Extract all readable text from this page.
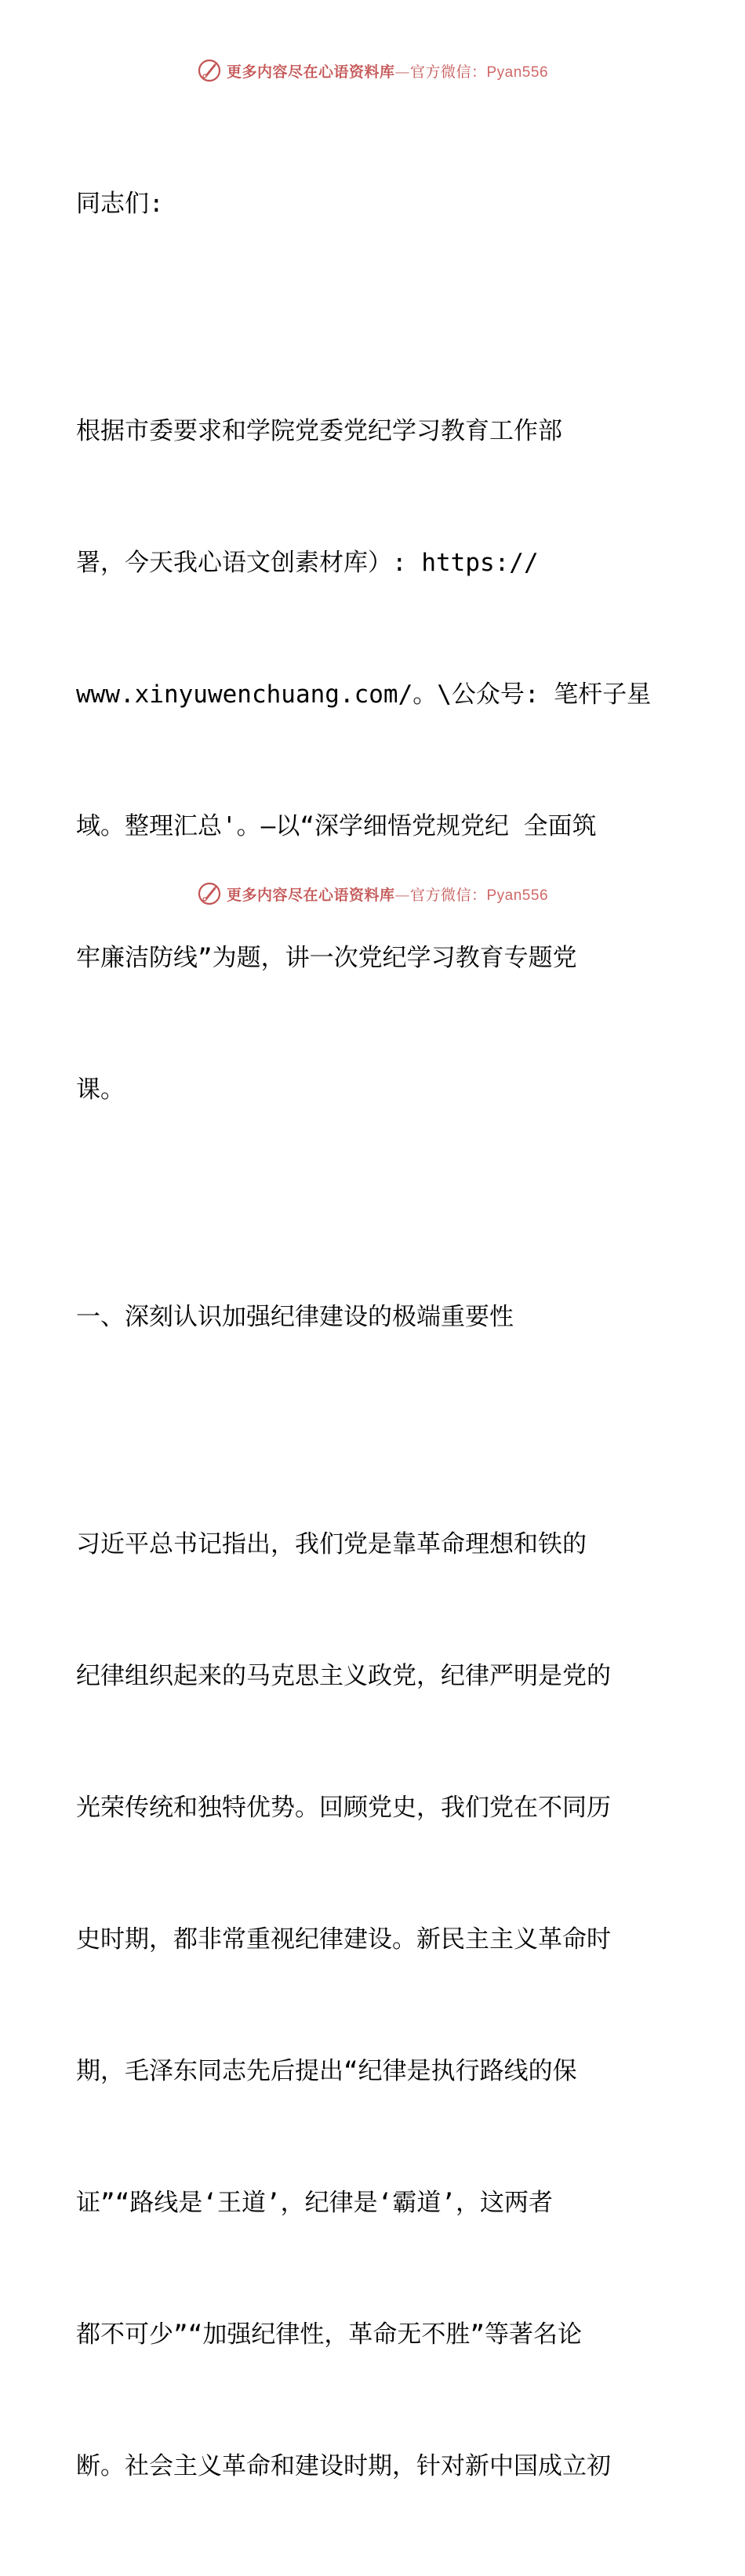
更多内容尽在心语资料库—官方微信：Pyan556

同志们:

根据市委要求和学院党委党纪学习教育工作部

署，今天我心语文创素材库）: https://

www.xinyuwenchuang.com/。\公众号: 笔杆子星

域。整理汇总'。—以“深学细悟党规党纪 全面筑

牢廉洁防线”为题，讲一次党纪学习教育专题党

课。

一、深刻认识加强纪律建设的极端重要性

习近平总书记指出，我们党是靠革命理想和铁的

纪律组织起来的马克思主义政党，纪律严明是党的

光荣传统和独特优势。回顾党史，我们党在不同历

史时期，都非常重视纪律建设。新民主主义革命时

期，毛泽东同志先后提出“纪律是执行路线的保

证”“路线是‘王道’，纪律是‘霸道’，这两者

都不可少”“加强纪律性，革命无不胜”等著名论

断。社会主义革命和建设时期，针对新中国成立初

更多内容尽在心语资料库—官方微信：Pyan556
